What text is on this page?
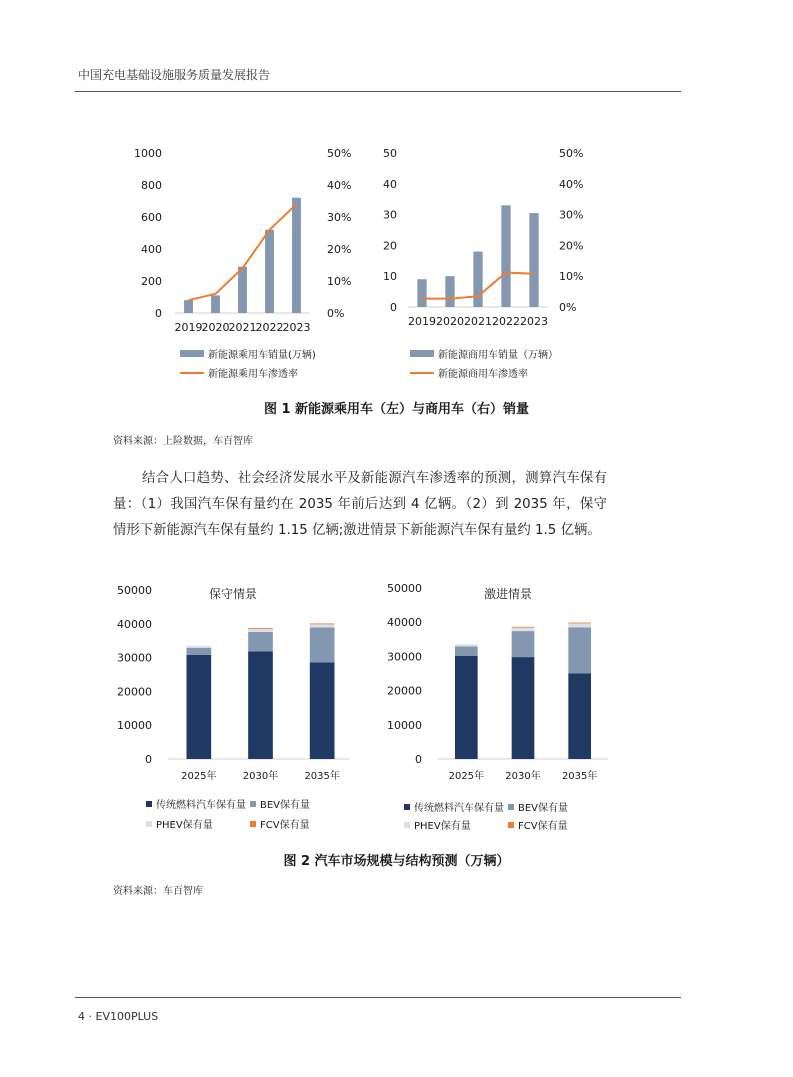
中国充电基础设施服务质量发展报告
0
200
400
600
800
1000
0%
10%
20%
30%
40%
50%
2019 2020 2021 2022 2023
0
10
20
30
40
50
0%
10%
20%
30%
40%
50%
2019 2020 2021 2022 2023
新能源乘用车销量(万辆)
新能源乘用车渗透率
新能源商用车销量（万辆）
新能源商用车渗透率
图 1 新能源乘用车（左）与商用车（右）销量
资料来源：上险数据，车百智库
结合人口趋势、社会经济发展水平及新能源汽车渗透率的预测，测算汽车保有量：（1）我国汽车保有量约在 2035 年前后达到 4 亿辆。（2）到 2035 年，保守情形下新能源汽车保有量约 1.15 亿辆;激进情景下新能源汽车保有量约 1.5 亿辆。
0
10000
20000
30000
40000
50000
2025年	2030年	2035年
保守情景
0
10000
20000
30000
40000
50000
2025年 2030年 2035年
激进情景
传统燃料汽车保有量 BEV保有量
PHEV保有量	FCV保有量
传统燃料汽车保有量 BEV保有量
PHEV保有量	FCV保有量
图 2 汽车市场规模与结构预测（万辆）
资料来源：车百智库
4 · EV100PLUS
